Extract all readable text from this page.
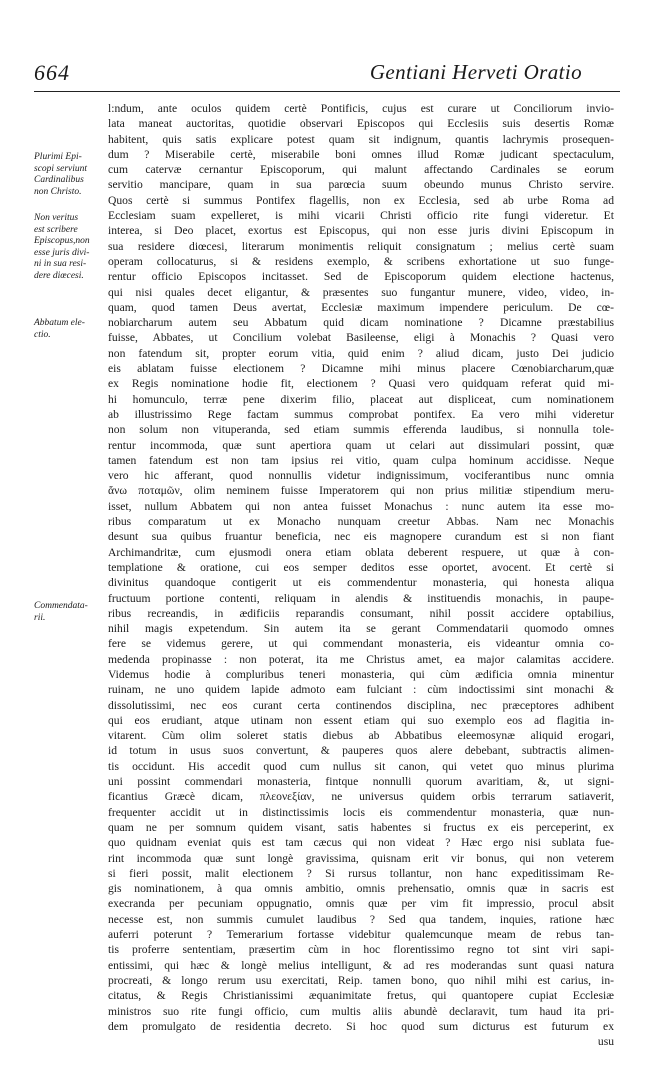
664	Gentiani Herveti Oratio
Plurimi Epi-
scopi serviunt
Cardinalibus
non Christo.
Non veritus
est scribere
Episcopus,non
esse juris divi-
ni in sua resi-
dere diœcesi.
Abbatum ele-
ctio.
Commendata-
rii.
l:ndum, ante oculos quidem certè Pontificis, cujus est curare ut Conciliorum invio-
lata maneat auctoritas, quotidie observari Episcopos qui Ecclesiis suis desertis Romæ
habitent, quis satis explicare potest quam sit indignum, quantis lachrymis prosequen-
dum ? Miserabile certè, miserabile boni omnes illud Romæ judicant spectaculum,
cum catervæ cernantur Episcoporum, qui malunt affectando Cardinales se eorum
servitio mancipare, quam in sua parœcia suum obeundo munus Christo servire.
Quos certè si summus Pontifex flagellis, non ex Ecclesia, sed ab urbe Roma ad
Ecclesiam suam expelleret, is mihi vicarii Christi officio rite fungi videretur. Et
interea, si Deo placet, exortus est Episcopus, qui non esse juris divini Episcopum in
sua residere diœcesi, literarum monimentis reliquit consignatum ; melius certè suam
operam collocaturus, si & residens exemplo, & scribens exhortatione ut suo funge-
rentur officio Episcopos incitasset. Sed de Episcoporum quidem electione hactenus,
qui nisi quales decet eligantur, & præsentes suo fungantur munere, video, video, in-
quam, quod tamen Deus avertat, Ecclesiæ maximum impendere periculum. De cœ-
nobiarcharum autem seu Abbatum quid dicam nominatione ? Dicamne præstabilius
fuisse, Abbates, ut Concilium volebat Basileense, eligi à Monachis ? Quasi vero
non fatendum sit, propter eorum vitia, quid enim ? aliud dicam, justo Dei judicio
eis ablatam fuisse electionem ? Dicamne mihi minus placere Cœnobiarcharum,quæ
ex Regis nominatione hodie fit, electionem ? Quasi vero quidquam referat quid mi-
hi homunculo, terræ pene dixerim filio, placeat aut displiceat, cum nominationem
ab illustrissimo Rege factam summus comprobat pontifex. Ea vero mihi videretur
non solum non vituperanda, sed etiam summis efferenda laudibus, si nonnulla tole-
rentur incommoda, quæ sunt apertiora quam ut celari aut dissimulari possint, quæ
tamen fatendum est non tam ipsius rei vitio, quam culpa hominum accidisse. Neque
vero hic afferant, quod nonnullis videtur indignissimum, vociferantibus nunc omnia
ἄνω ποταμῶν, olim neminem fuisse Imperatorem qui non prius militiæ stipendium meru-
isset, nullum Abbatem qui non antea fuisset Monachus : nunc autem ita esse mo-
ribus comparatum ut ex Monacho nunquam creetur Abbas. Nam nec Monachis
desunt sua quibus fruantur beneficia, nec eis magnopere curandum est si non fiant
Archimandritæ, cum ejusmodi onera etiam oblata deberent respuere, ut quæ à con-
templatione & oratione, cui eos semper deditos esse oportet, avocent. Et certè si
divinitus quandoque contigerit ut eis commendentur monasteria, qui honesta aliqua
fructuum portione contenti, reliquam in alendis & instituendis monachis, in paupe-
ribus recreandis, in ædificiis reparandis consumant, nihil possit accidere optabilius,
nihil magis expetendum. Sin autem ita se gerant Commendatarii quomodo omnes
fere se videmus gerere, ut qui commendant monasteria, eis videantur omnia co-
medenda propinasse : non poterat, ita me Christus amet, ea major calamitas accidere.
Videmus hodie à compluribus teneri monasteria, qui cùm ædificia omnia minentur
ruinam, ne uno quidem lapide admoto eam fulciant : cùm indoctissimi sint monachi &
dissolutissimi, nec eos curant certa continendos disciplina, nec præceptores adhibent
qui eos erudiant, atque utinam non essent etiam qui suo exemplo eos ad flagitia in-
vitarent. Cùm olim soleret statis diebus ab Abbatibus eleemosynæ aliquid erogari,
id totum in usus suos convertunt, & pauperes quos alere debebant, subtractis alimen-
tis occidunt. His accedit quod cum nullus sit canon, qui vetet quo minus plurima
uni possint commendari monasteria, fintque nonnulli quorum avaritiam, &, ut signi-
ficantius Græcè dicam, πλεονεξίαν, ne universus quidem orbis terrarum satiaverit,
frequenter accidit ut in distinctissimis locis eis commendentur monasteria, quæ nun-
quam ne per somnum quidem visant, satis habentes si fructus ex eis perceperint, ex
quo quidnam eveniat quis est tam cæcus qui non videat ? Hæc ergo nisi sublata fue-
rint incommoda quæ sunt longè gravissima, quisnam erit vir bonus, qui non veterem
si fieri possit, malit electionem ? Si rursus tollantur, non hanc expeditissimam Re-
gis nominationem, à qua omnis ambitio, omnis prehensatio, omnis quæ in sacris est
execranda per pecuniam oppugnatio, omnis quæ per vim fit impressio, procul absit
necesse est, non summis cumulet laudibus ? Sed qua tandem, inquies, ratione hæc
auferri poterunt ? Temerarium fortasse videbitur qualemcunque meam de rebus tan-
tis proferre sententiam, præsertim cùm in hoc florentissimo regno tot sint viri sapi-
entissimi, qui hæc & longè melius intelligunt, & ad res moderandas sunt quasi natura
procreati, & longo rerum usu exercitati, Reip. tamen bono, quo nihil mihi est carius, in-
citatus, & Regis Christianissimi æquanimitate fretus, qui quantopere cupiat Ecclesiæ
ministros suo rite fungi officio, cum multis aliis abundè declaravit, tum haud ita pri-
dem promulgato de residentia decreto. Si hoc quod sum dicturus est futurum ex
usu
